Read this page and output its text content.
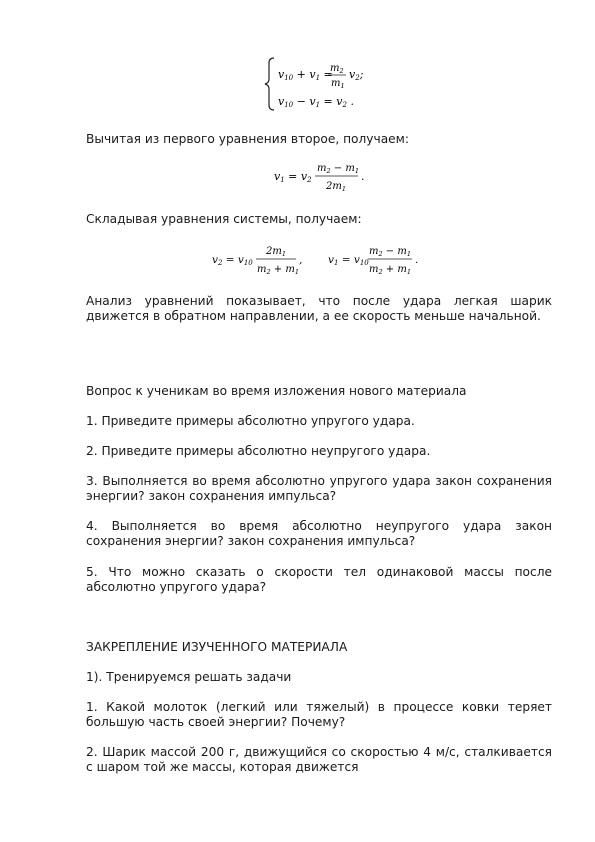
v10 + v1 =
$m_2$
$m_1$
v2;
v10 − v1 = v2 .

Вычитая из первого уравнения второе, получаем:

v1 = v2
$m_2 - m_1$
$2m_1$
.

Складывая уравнения системы, получаем:

v2 = v10
$2m_1$
$m_2 + m_1$
, v1 = v10
$m_2 - m_1$
$m_2 + m_1$
.

Анализ уравнений показывает, что после удара легкая шарик движется в обратном направлении, а ее скорость меньше начальной.

Вопрос к ученикам во время изложения нового материала

1. Приведите примеры абсолютно упругого удара.

2. Приведите примеры абсолютно неупругого удара.

3. Выполняется во время абсолютно упругого удара закон сохранения энергии? закон сохранения импульса?

4. Выполняется во время абсолютно неупругого удара закон сохранения энергии? закон сохранения импульса?

5. Что можно сказать о скорости тел одинаковой массы после абсолютно упругого удара?

ЗАКРЕПЛЕНИЕ ИЗУЧЕННОГО МАТЕРИАЛА

1). Тренируемся решать задачи

1. Какой молоток (легкий или тяжелый) в процессе ковки теряет большую часть своей энергии? Почему?

2. Шарик массой 200 г, движущийся со скоростью 4 м/с, сталкивается с шаром той же массы, которая движется
